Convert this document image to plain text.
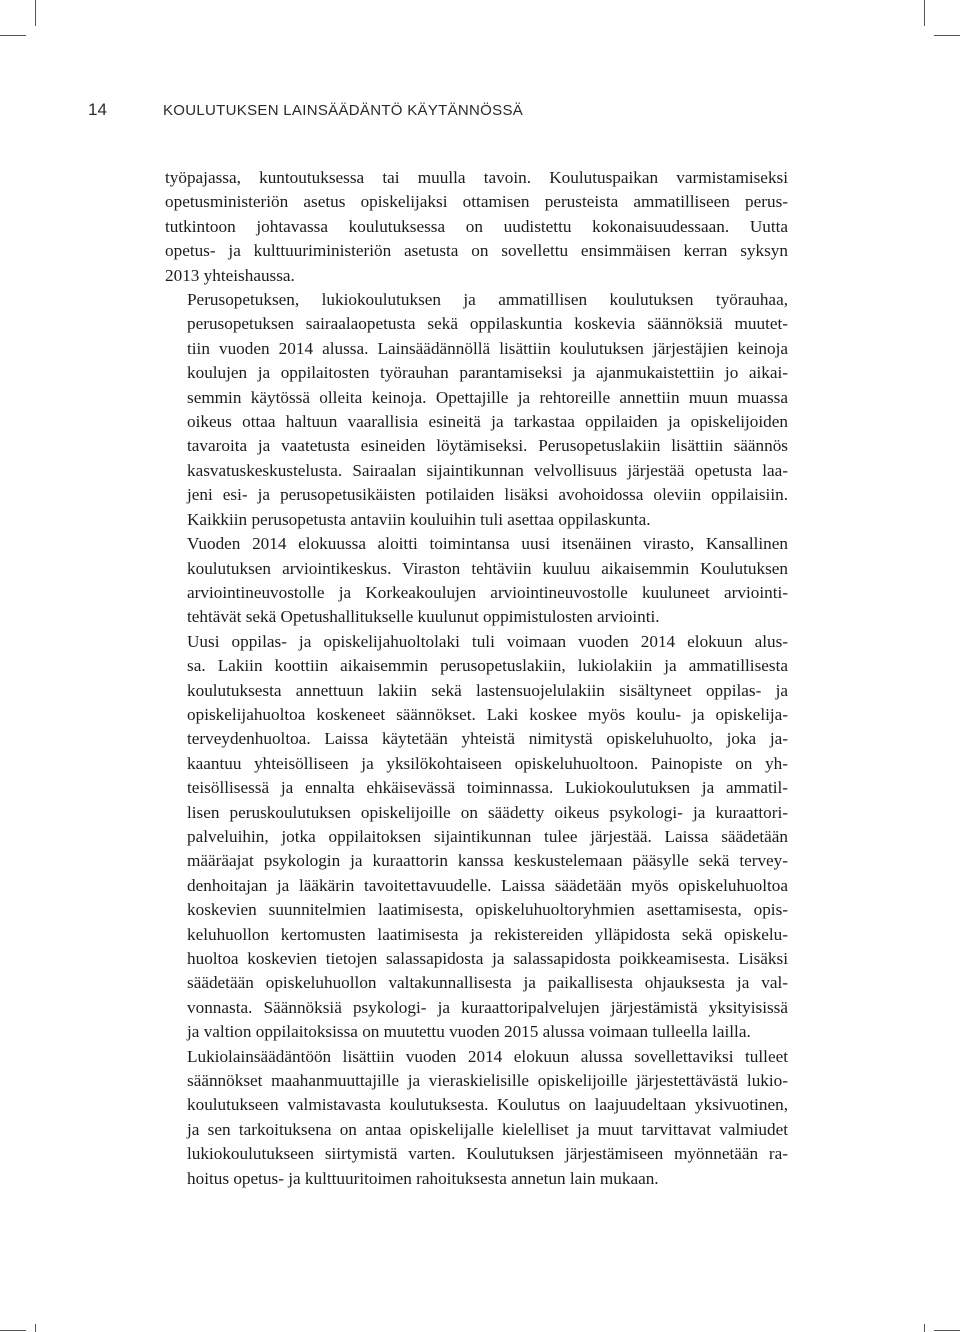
14	KOULUTUKSEN LAINSÄÄDÄNTÖ KÄYTÄNNÖSSÄ

työpajassa, kuntoutuksessa tai muulla tavoin. Koulutuspaikan varmistamiseksi
opetusministeriön asetus opiskelijaksi ottamisen perusteista ammatilliseen perus-
tutkintoon johtavassa koulutuksessa on uudistettu kokonaisuudessaan. Uutta
opetus- ja kulttuuriministeriön asetusta on sovellettu ensimmäisen kerran syksyn
2013 yhteishaussa.

Perusopetuksen, lukiokoulutuksen ja ammatillisen koulutuksen työrauhaa,
perusopetuksen sairaalaopetusta sekä oppilaskuntia koskevia säännöksiä muutet-
tiin vuoden 2014 alussa. Lainsäädännöllä lisättiin koulutuksen järjestäjien keinoja
koulujen ja oppilaitosten työrauhan parantamiseksi ja ajanmukaistettiin jo aikai-
semmin käytössä olleita keinoja. Opettajille ja rehtoreille annettiin muun muassa
oikeus ottaa haltuun vaarallisia esineitä ja tarkastaa oppilaiden ja opiskelijoiden
tavaroita ja vaatetusta esineiden löytämiseksi. Perusopetuslakiin lisättiin säännös
kasvatuskeskustelusta. Sairaalan sijaintikunnan velvollisuus järjestää opetusta laa-
jeni esi- ja perusopetusikäisten potilaiden lisäksi avohoidossa oleviin oppilaisiin.
Kaikkiin perusopetusta antaviin kouluihin tuli asettaa oppilaskunta.

Vuoden 2014 elokuussa aloitti toimintansa uusi itsenäinen virasto, Kansallinen
koulutuksen arviointikeskus. Viraston tehtäviin kuuluu aikaisemmin Koulutuksen
arviointineuvostolle ja Korkeakoulujen arviointineuvostolle kuuluneet arviointi-
tehtävät sekä Opetushallitukselle kuulunut oppimistulosten arviointi.

Uusi oppilas- ja opiskelijahuoltolaki tuli voimaan vuoden 2014 elokuun alus-
sa. Lakiin koottiin aikaisemmin perusopetuslakiin, lukiolakiin ja ammatillisesta
koulutuksesta annettuun lakiin sekä lastensuojelulakiin sisältyneet oppilas- ja
opiskelijahuoltoa koskeneet säännökset. Laki koskee myös koulu- ja opiskelija-
terveydenhuoltoa. Laissa käytetään yhteistä nimitystä opiskeluhuolto, joka ja-
kaantuu yhteisölliseen ja yksilökohtaiseen opiskeluhuoltoon. Painopiste on yh-
teisöllisessä ja ennalta ehkäisevässä toiminnassa. Lukiokoulutuksen ja ammatil-
lisen peruskoulutuksen opiskelijoille on säädetty oikeus psykologi- ja kuraattori-
palveluihin, jotka oppilaitoksen sijaintikunnan tulee järjestää. Laissa säädetään
määräajat psykologin ja kuraattorin kanssa keskustelemaan pääsylle sekä tervey-
denhoitajan ja lääkärin tavoitettavuudelle. Laissa säädetään myös opiskeluhuoltoa
koskevien suunnitelmien laatimisesta, opiskeluhuoltoryhmien asettamisesta, opis-
keluhuollon kertomusten laatimisesta ja rekistereiden ylläpidosta sekä opiskelu-
huoltoa koskevien tietojen salassapidosta ja salassapidosta poikkeamisesta. Lisäksi
säädetään opiskeluhuollon valtakunnallisesta ja paikallisesta ohjauksesta ja val-
vonnasta. Säännöksiä psykologi- ja kuraattoripalvelujen järjestämistä yksityisissä
ja valtion oppilaitoksissa on muutettu vuoden 2015 alussa voimaan tulleella lailla.

Lukiolainsäädäntöön lisättiin vuoden 2014 elokuun alussa sovellettaviksi tulleet
säännökset maahanmuuttajille ja vieraskielisille opiskelijoille järjestettävästä lukio-
koulutukseen valmistavasta koulutuksesta. Koulutus on laajuudeltaan yksivuotinen,
ja sen tarkoituksena on antaa opiskelijalle kielelliset ja muut tarvittavat valmiudet
lukiokoulutukseen siirtymistä varten. Koulutuksen järjestämiseen myönnetään ra-
hoitus opetus- ja kulttuuritoimen rahoituksesta annetun lain mukaan.
